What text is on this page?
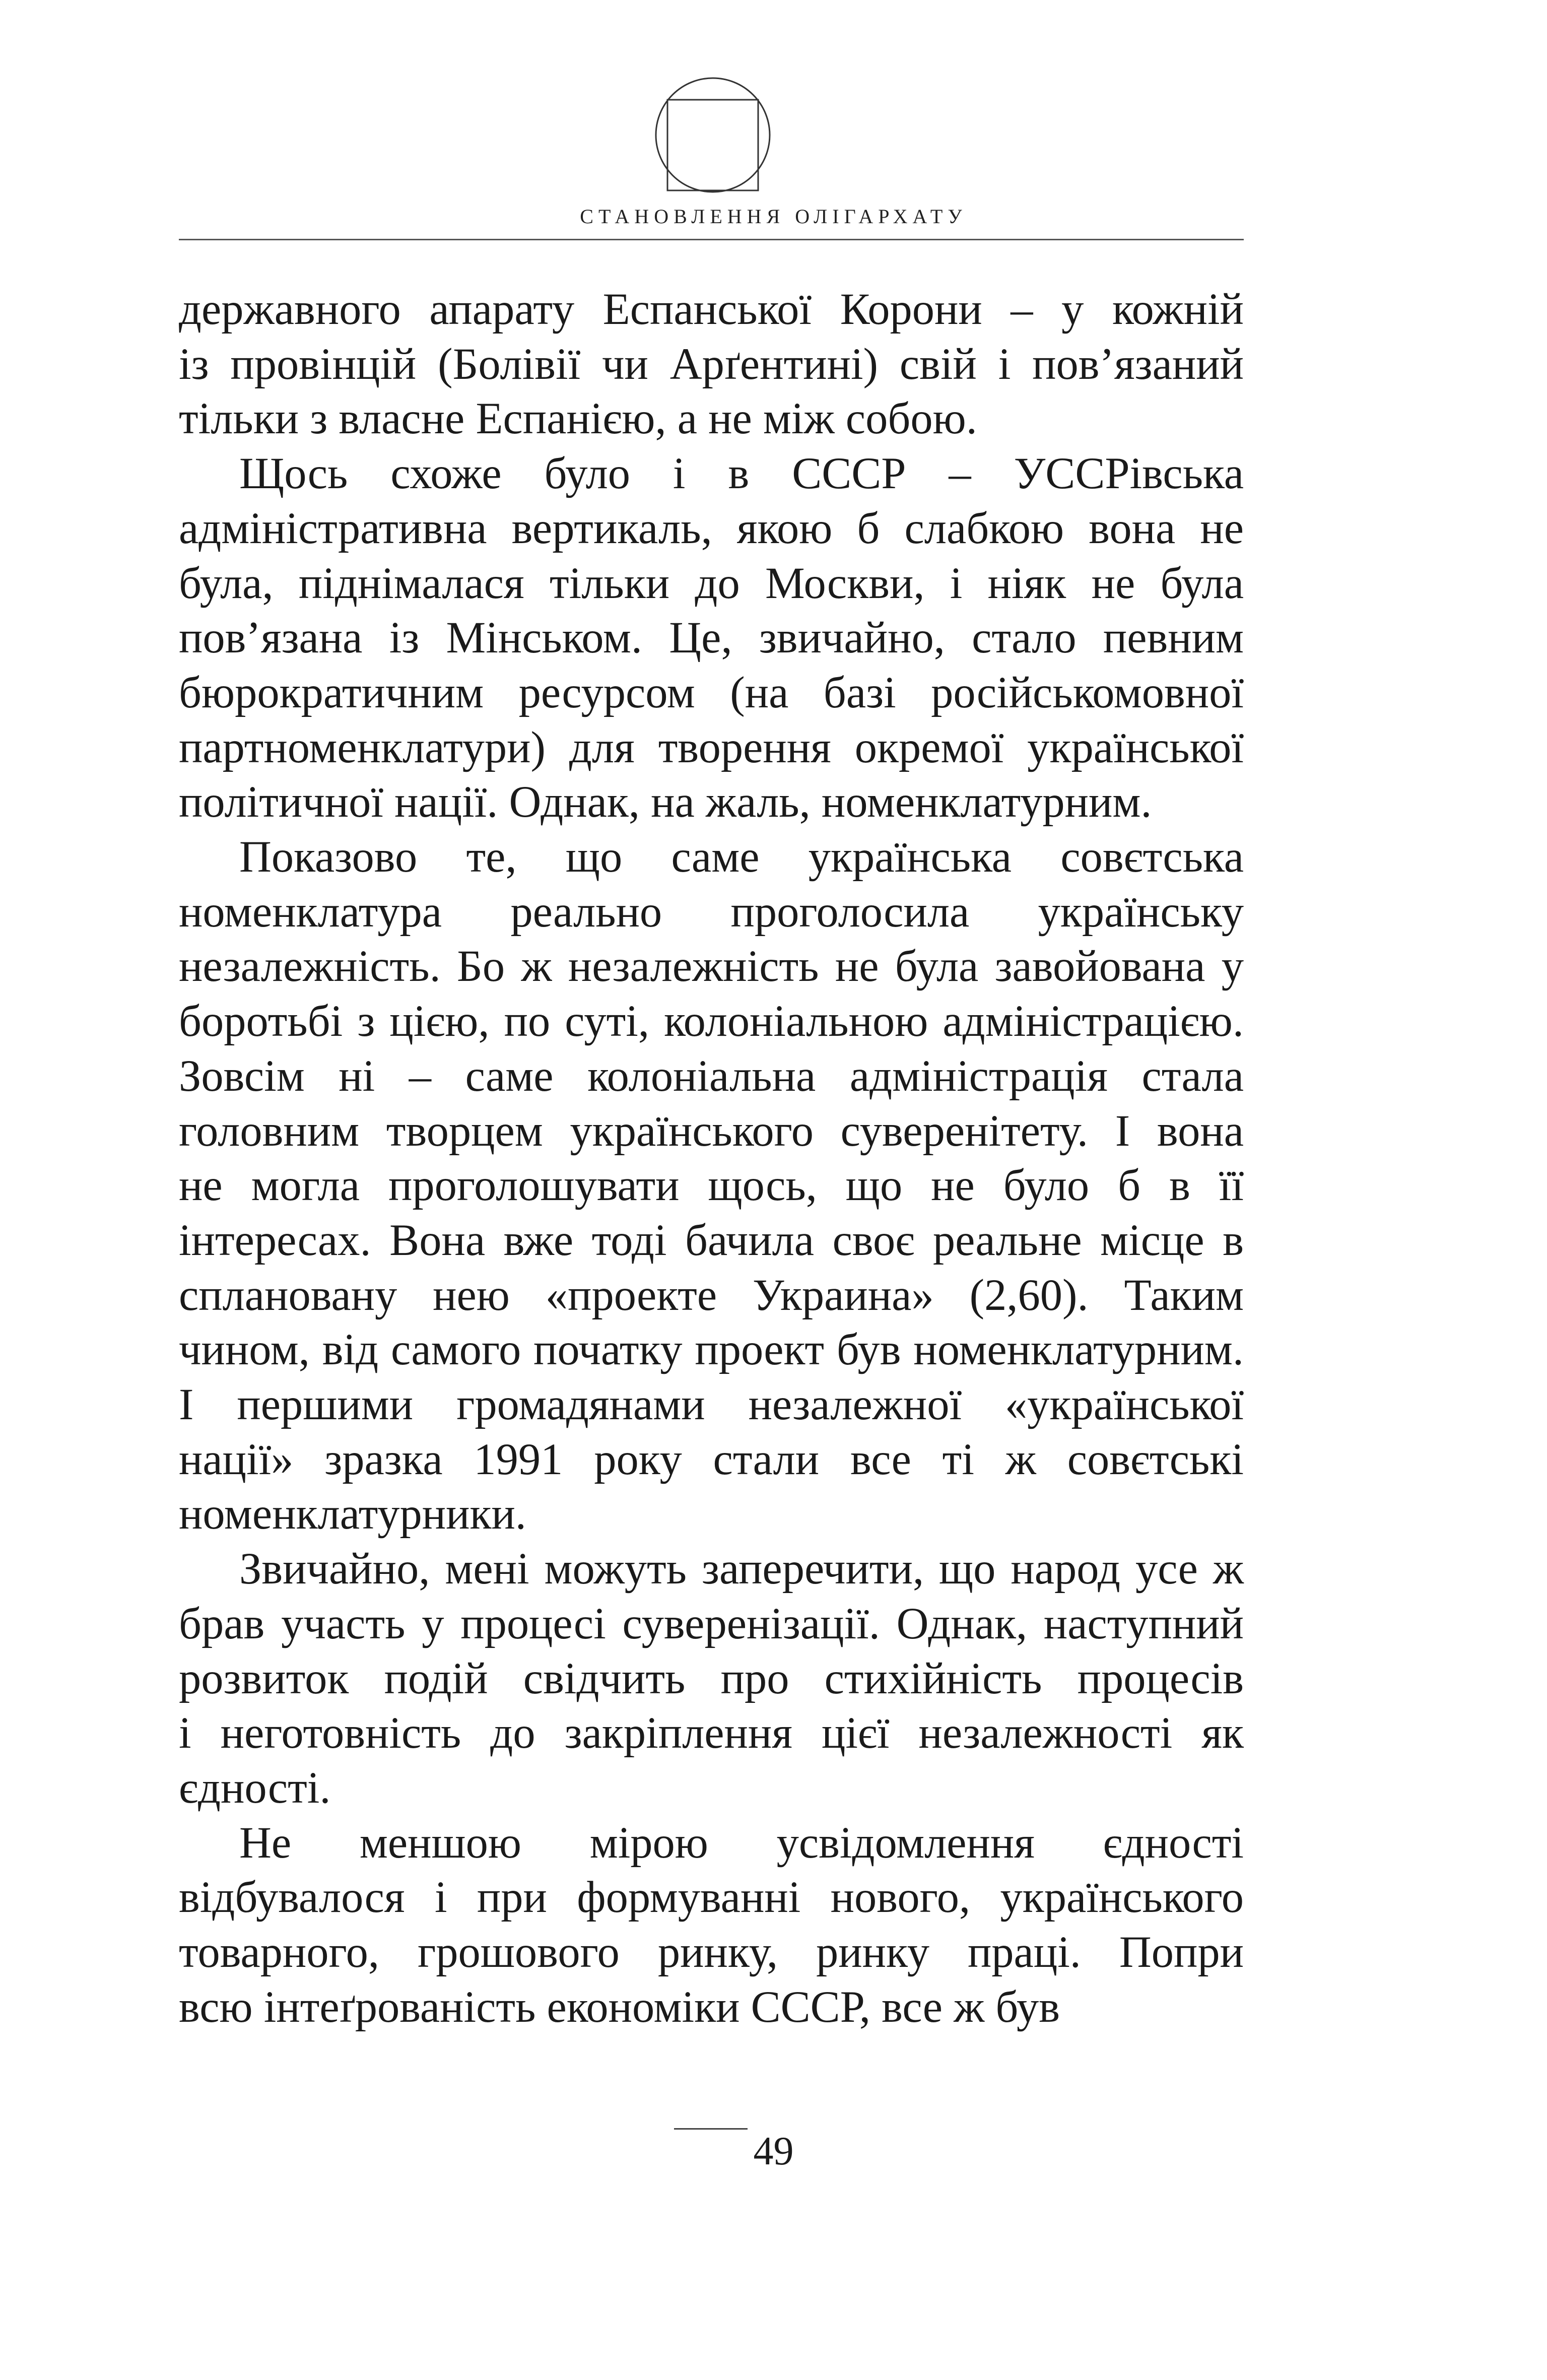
СТАНОВЛЕННЯ ОЛІГАРХАТУ
державного апарату Еспанської Корони – у кожній
із провінцій (Болівії чи Арґентині) свій і пов’язаний
тільки з власне Еспанією, а не між собою.
Щось схоже було і в СССР – УССРівська
адміністративна вертикаль, якою б слабкою вона не
була, піднімалася тільки до Москви, і ніяк не була
пов’язана із Мінськом. Це, звичайно, стало певним
бюрократичним ресурсом (на базі російськомовної
партноменклатури) для творення окремої української
політичної нації. Однак, на жаль, номенклатурним.
Показово те, що саме українська совєтська
номенклатура реально проголосила українську
незалежність. Бо ж незалежність не була завойована у
боротьбі з цією, по суті, колоніальною адміністрацією.
Зовсім ні – саме колоніальна адміністрація стала
головним творцем українського суверенітету. І вона
не могла проголошувати щось, що не було б в її
інтересах. Вона вже тоді бачила своє реальне місце в
сплановану нею «проекте Украина» (2,60). Таким
чином, від самого початку проект був номенклатурним.
І першими громадянами незалежної «української
нації» зразка 1991 року стали все ті ж совєтські
номенклатурники.
Звичайно, мені можуть заперечити, що народ усе ж
брав участь у процесі суверенізації. Однак, наступний
розвиток подій свідчить про стихійність процесів
і неготовність до закріплення цієї незалежності як
єдності.
Не меншою мірою усвідомлення єдності
відбувалося і при формуванні нового, українського
товарного, грошового ринку, ринку праці. Попри
всю інтеґрованість економіки СССР, все ж був
49
